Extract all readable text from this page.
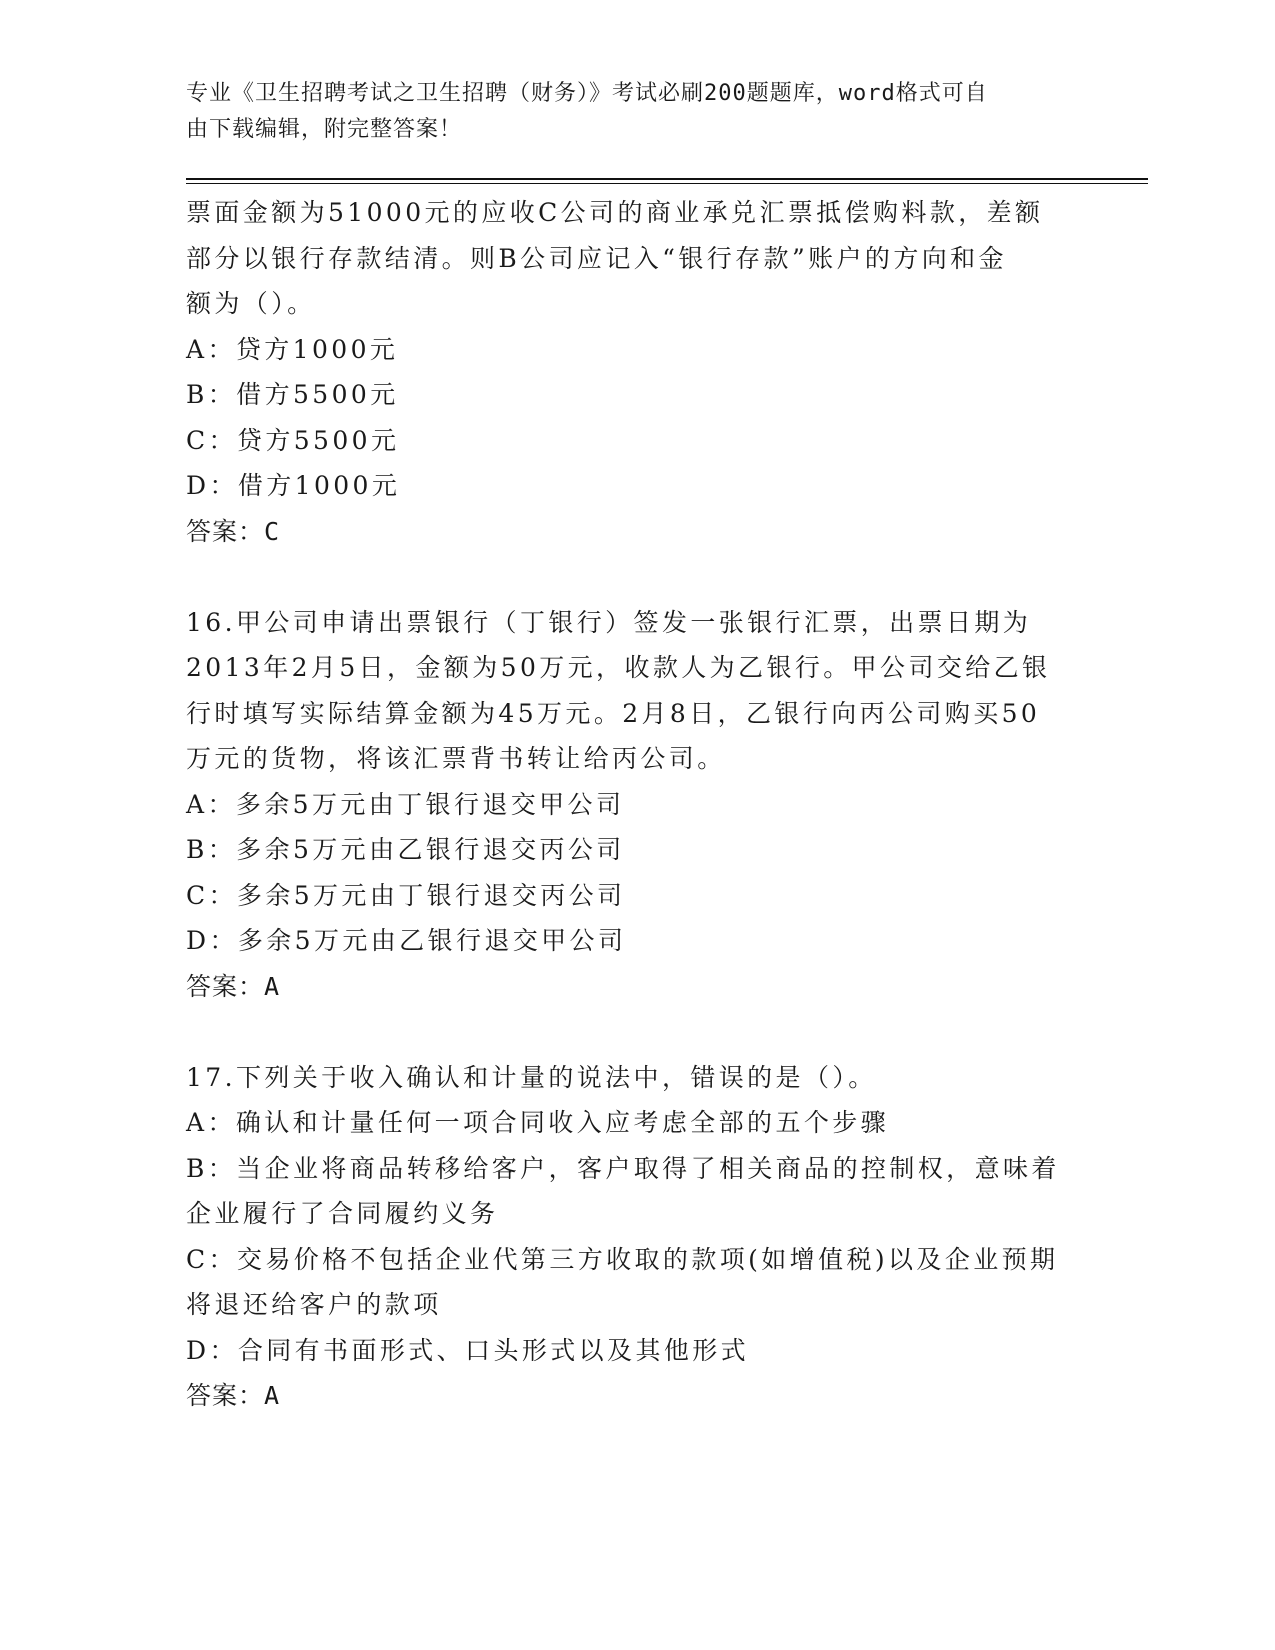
专业《卫生招聘考试之卫生招聘（财务）》考试必刷200题题库，word格式可自
由下载编辑，附完整答案！
票面金额为51000元的应收C公司的商业承兑汇票抵偿购料款，差额
部分以银行存款结清。则B公司应记入“银行存款”账户的方向和金
额为（）。
A：贷方1000元
B：借方5500元
C：贷方5500元
D：借方1000元
答案：C
16.甲公司申请出票银行（丁银行）签发一张银行汇票，出票日期为
2013年2月5日，金额为50万元，收款人为乙银行。甲公司交给乙银
行时填写实际结算金额为45万元。2月8日，乙银行向丙公司购买50
万元的货物，将该汇票背书转让给丙公司。
A：多余5万元由丁银行退交甲公司
B：多余5万元由乙银行退交丙公司
C：多余5万元由丁银行退交丙公司
D：多余5万元由乙银行退交甲公司
答案：A
17.下列关于收入确认和计量的说法中，错误的是（）。
A：确认和计量任何一项合同收入应考虑全部的五个步骤
B：当企业将商品转移给客户，客户取得了相关商品的控制权，意味着
企业履行了合同履约义务
C：交易价格不包括企业代第三方收取的款项(如增值税)以及企业预期
将退还给客户的款项
D：合同有书面形式、口头形式以及其他形式
答案：A
